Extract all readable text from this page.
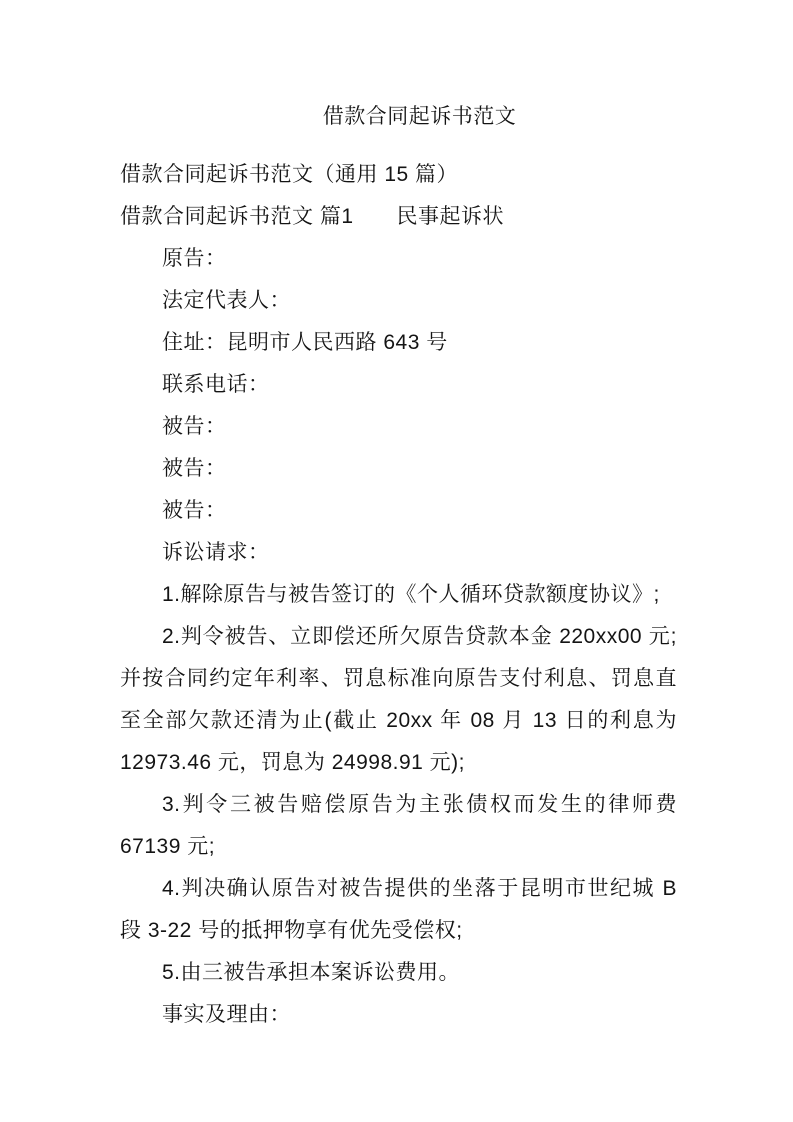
借款合同起诉书范文

借款合同起诉书范文（通用 15 篇）

借款合同起诉书范文 篇1　　民事起诉状

原告：

法定代表人：

住址：昆明市人民西路 643 号

联系电话：

被告：

被告：

被告：

诉讼请求：

1.解除原告与被告签订的《个人循环贷款额度协议》;

2.判令被告、立即偿还所欠原告贷款本金 220xx00 元;并按合同约定年利率、罚息标准向原告支付利息、罚息直至全部欠款还清为止(截止 20xx 年 08 月 13 日的利息为 12973.46 元，罚息为 24998.91 元);

3.判令三被告赔偿原告为主张债权而发生的律师费 67139 元;

4.判决确认原告对被告提供的坐落于昆明市世纪城 B 段 3-22 号的抵押物享有优先受偿权;

5.由三被告承担本案诉讼费用。

事实及理由：
